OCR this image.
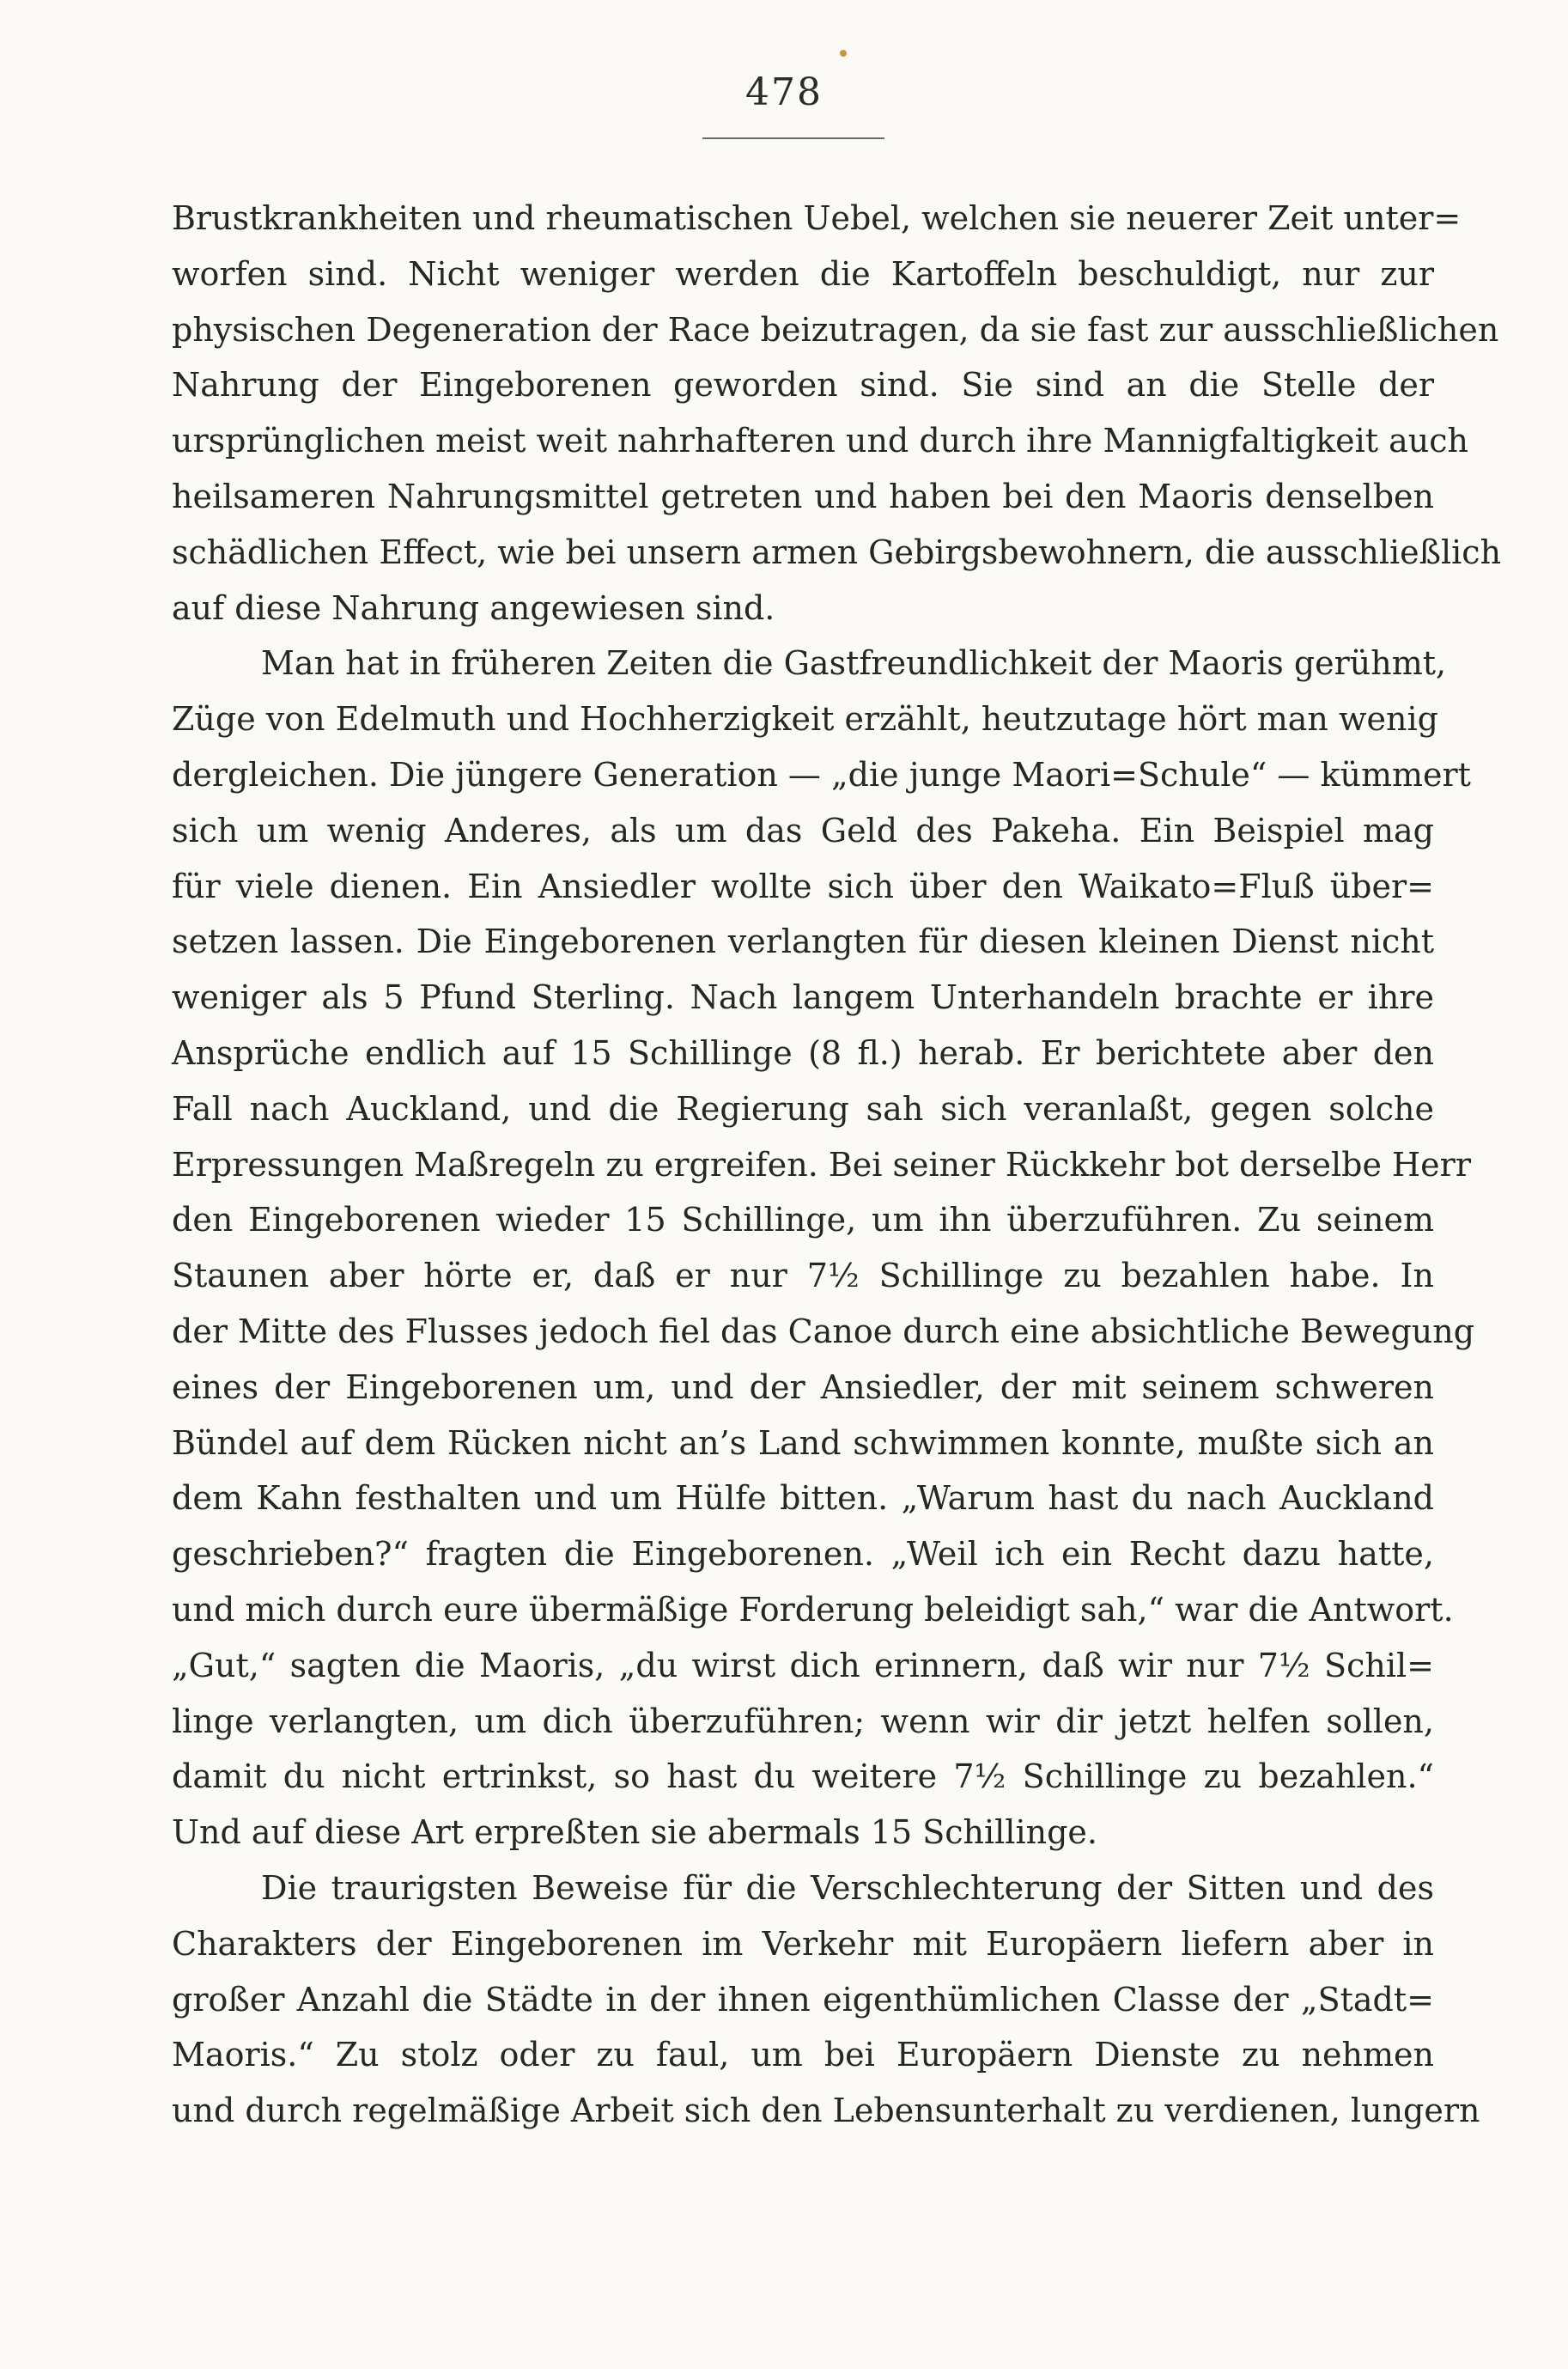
478
Brustkrankheiten und rheumatischen Uebel, welchen sie neuerer Zeit unter=
worfen sind. Nicht weniger werden die Kartoffeln beschuldigt, nur zur
physischen Degeneration der Race beizutragen, da sie fast zur ausschließlichen
Nahrung der Eingeborenen geworden sind. Sie sind an die Stelle der
ursprünglichen meist weit nahrhafteren und durch ihre Mannigfaltigkeit auch
heilsameren Nahrungsmittel getreten und haben bei den Maoris denselben
schädlichen Effect, wie bei unsern armen Gebirgsbewohnern, die ausschließlich
auf diese Nahrung angewiesen sind.
Man hat in früheren Zeiten die Gastfreundlichkeit der Maoris gerühmt,
Züge von Edelmuth und Hochherzigkeit erzählt, heutzutage hört man wenig
dergleichen. Die jüngere Generation — „die junge Maori=Schule“ — kümmert
sich um wenig Anderes, als um das Geld des Pakeha. Ein Beispiel mag
für viele dienen. Ein Ansiedler wollte sich über den Waikato=Fluß über=
setzen lassen. Die Eingeborenen verlangten für diesen kleinen Dienst nicht
weniger als 5 Pfund Sterling. Nach langem Unterhandeln brachte er ihre
Ansprüche endlich auf 15 Schillinge (8 fl.) herab. Er berichtete aber den
Fall nach Auckland, und die Regierung sah sich veranlaßt, gegen solche
Erpressungen Maßregeln zu ergreifen. Bei seiner Rückkehr bot derselbe Herr
den Eingeborenen wieder 15 Schillinge, um ihn überzuführen. Zu seinem
Staunen aber hörte er, daß er nur 7½ Schillinge zu bezahlen habe. In
der Mitte des Flusses jedoch fiel das Canoe durch eine absichtliche Bewegung
eines der Eingeborenen um, und der Ansiedler, der mit seinem schweren
Bündel auf dem Rücken nicht an’s Land schwimmen konnte, mußte sich an
dem Kahn festhalten und um Hülfe bitten. „Warum hast du nach Auckland
geschrieben?“ fragten die Eingeborenen. „Weil ich ein Recht dazu hatte,
und mich durch eure übermäßige Forderung beleidigt sah,“ war die Antwort.
„Gut,“ sagten die Maoris, „du wirst dich erinnern, daß wir nur 7½ Schil=
linge verlangten, um dich überzuführen; wenn wir dir jetzt helfen sollen,
damit du nicht ertrinkst, so hast du weitere 7½ Schillinge zu bezahlen.“
Und auf diese Art erpreßten sie abermals 15 Schillinge.
Die traurigsten Beweise für die Verschlechterung der Sitten und des
Charakters der Eingeborenen im Verkehr mit Europäern liefern aber in
großer Anzahl die Städte in der ihnen eigenthümlichen Classe der „Stadt=
Maoris.“ Zu stolz oder zu faul, um bei Europäern Dienste zu nehmen
und durch regelmäßige Arbeit sich den Lebensunterhalt zu verdienen, lungern
